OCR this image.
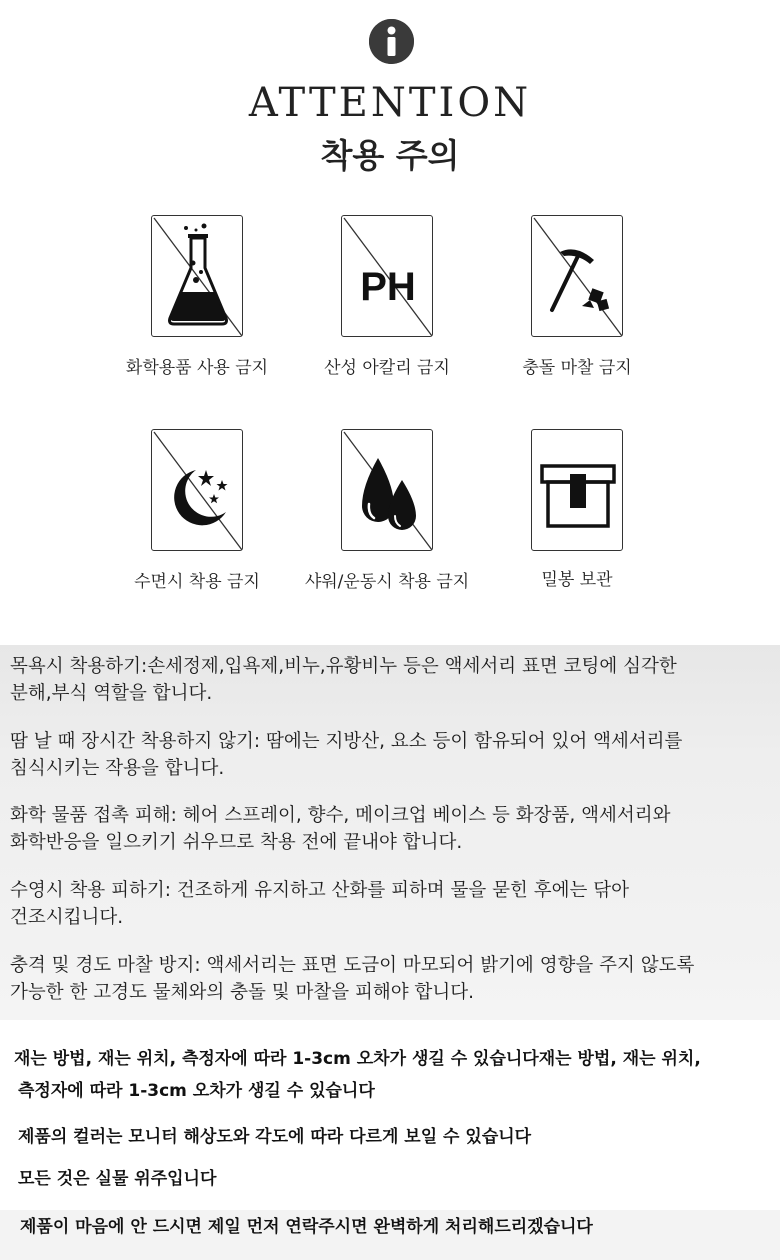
ATTENTION
착용 주의
화학용품 사용 금지
PH
산성 아칼리 금지	충돌 마찰 금지
수면시 착용 금지	샤워/운동시 착용 금지	밀봉 보관
목욕시 착용하기:손세정제,입욕제,비누,유황비누 등은 액세서리 표면 코팅에 심각한
분해,부식 역할을 합니다.
땀 날 때 장시간 착용하지 않기: 땀에는 지방산, 요소 등이 함유되어 있어 액세서리를
침식시키는 작용을 합니다.
화학 물품 접촉 피해: 헤어 스프레이, 향수, 메이크업 베이스 등 화장품, 액세서리와
화학반응을 일으키기 쉬우므로 착용 전에 끝내야 합니다.
수영시 착용 피하기: 건조하게 유지하고 산화를 피하며 물을 묻힌 후에는 닦아
건조시킵니다.
충격 및 경도 마찰 방지: 액세서리는 표면 도금이 마모되어 밝기에 영향을 주지 않도록
가능한 한 고경도 물체와의 충돌 및 마찰을 피해야 합니다.
재는 방법, 재는 위치, 측정자에 따라 1-3cm 오차가 생길 수 있습니다재는 방법, 재는 위치,
측정자에 따라 1-3cm 오차가 생길 수 있습니다
제품의 컬러는 모니터 해상도와 각도에 따라 다르게 보일 수 있습니다
모든 것은 실물 위주입니다
제품이 마음에 안 드시면 제일 먼저 연락주시면 완벽하게 처리해드리겠습니다
